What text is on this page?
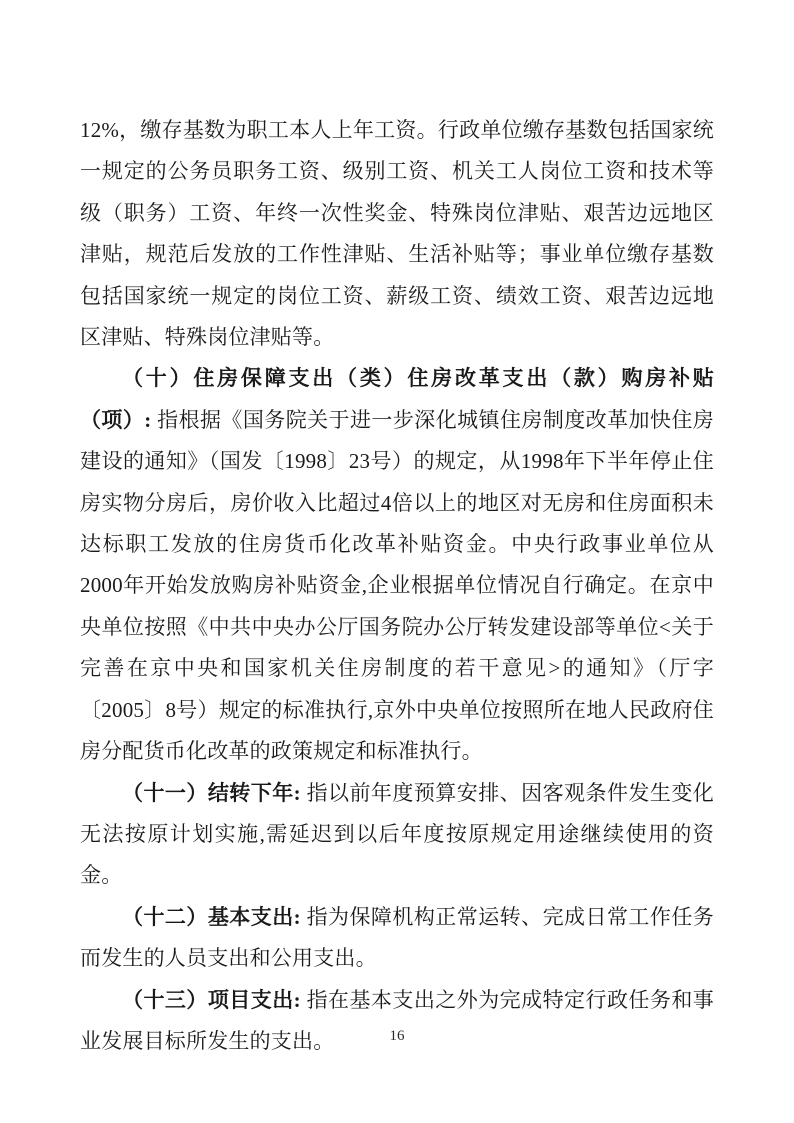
12%，缴存基数为职工本人上年工资。行政单位缴存基数包括国家统一规定的公务员职务工资、级别工资、机关工人岗位工资和技术等级（职务）工资、年终一次性奖金、特殊岗位津贴、艰苦边远地区津贴，规范后发放的工作性津贴、生活补贴等；事业单位缴存基数包括国家统一规定的岗位工资、薪级工资、绩效工资、艰苦边远地区津贴、特殊岗位津贴等。

（十）住房保障支出（类）住房改革支出（款）购房补贴（项）: 指根据《国务院关于进一步深化城镇住房制度改革加快住房建设的通知》（国发〔1998〕23号）的规定，从1998年下半年停止住房实物分房后，房价收入比超过4倍以上的地区对无房和住房面积未达标职工发放的住房货币化改革补贴资金。中央行政事业单位从2000年开始发放购房补贴资金,企业根据单位情况自行确定。在京中央单位按照《中共中央办公厅国务院办公厅转发建设部等单位<关于完善在京中央和国家机关住房制度的若干意见>的通知》（厅字〔2005〕8号）规定的标准执行,京外中央单位按照所在地人民政府住房分配货币化改革的政策规定和标准执行。

（十一）结转下年: 指以前年度预算安排、因客观条件发生变化无法按原计划实施,需延迟到以后年度按原规定用途继续使用的资金。

（十二）基本支出: 指为保障机构正常运转、完成日常工作任务而发生的人员支出和公用支出。

（十三）项目支出: 指在基本支出之外为完成特定行政任务和事业发展目标所发生的支出。	16
